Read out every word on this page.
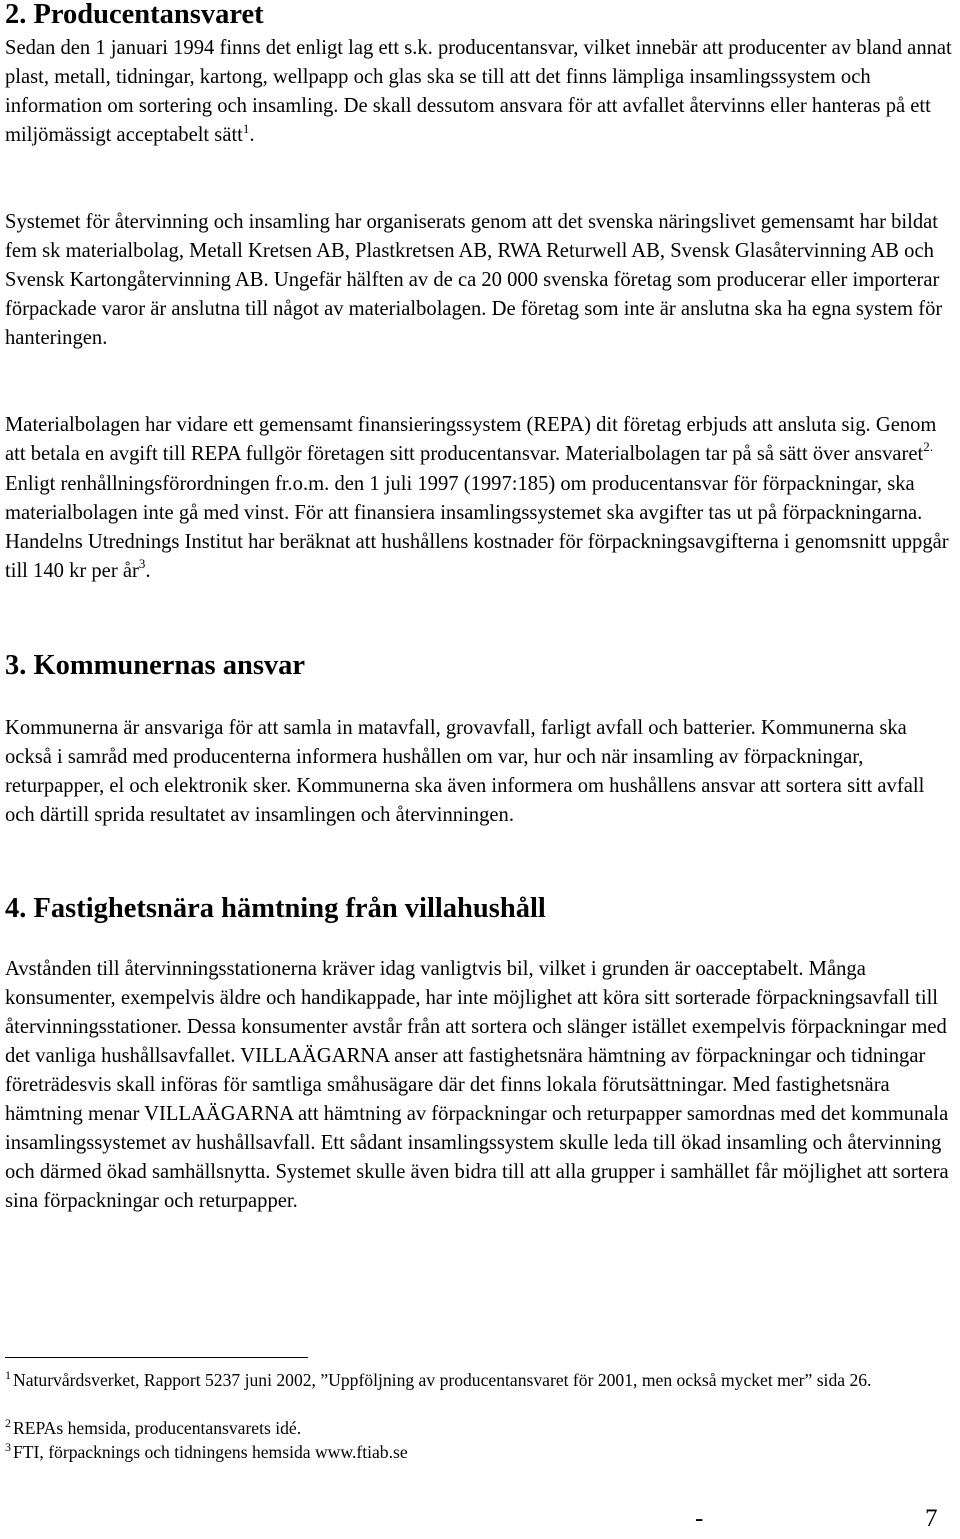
2. Producentansvaret

Sedan den 1 januari 1994 finns det enligt lag ett s.k. producentansvar, vilket innebär att producenter av bland annat plast, metall, tidningar, kartong, wellpapp och glas ska se till att det finns lämpliga insamlingssystem och information om sortering och insamling. De skall dessutom ansvara för att avfallet återvinns eller hanteras på ett miljömässigt acceptabelt sätt$^1$.

Systemet för återvinning och insamling har organiserats genom att det svenska näringslivet gemensamt har bildat fem sk materialbolag, Metall Kretsen AB, Plastkretsen AB, RWA Returwell AB, Svensk Glasåtervinning AB och Svensk Kartongåtervinning AB. Ungefär hälften av de ca 20 000 svenska företag som producerar eller importerar förpackade varor är anslutna till något av materialbolagen. De företag som inte är anslutna ska ha egna system för hanteringen.

Materialbolagen har vidare ett gemensamt finansieringssystem (REPA) dit företag erbjuds att ansluta sig. Genom att betala en avgift till REPA fullgör företagen sitt producentansvar. Materialbolagen tar på så sätt över ansvaret$^{2.}$ Enligt renhållningsförordningen fr.o.m. den 1 juli 1997 (1997:185) om producentansvar för förpackningar, ska materialbolagen inte gå med vinst. För att finansiera insamlingssystemet ska avgifter tas ut på förpackningarna. Handelns Utrednings Institut har beräknat att hushållens kostnader för förpackningsavgifterna i genomsnitt uppgår till 140 kr per $år^3$.

3. Kommunernas ansvar

Kommunerna är ansvariga för att samla in matavfall, grovavfall, farligt avfall och batterier. Kommunerna ska också i samråd med producenterna informera hushållen om var, hur och när insamling av förpackningar, returpapper, el och elektronik sker. Kommunerna ska även informera om hushållens ansvar att sortera sitt avfall och därtill sprida resultatet av insamlingen och återvinningen.

4. Fastighetsnära hämtning från villahushåll

Avstånden till återvinningsstationerna kräver idag vanligtvis bil, vilket i grunden är oacceptabelt. Många konsumenter, exempelvis äldre och handikappade, har inte möjlighet att köra sitt sorterade förpackningsavfall till återvinningsstationer. Dessa konsumenter avstår från att sortera och slänger istället exempelvis förpackningar med det vanliga hushållsavfallet. VILLAÄGARNA anser att fastighetsnära hämtning av förpackningar och tidningar företrädesvis skall införas för samtliga småhusägare där det finns lokala förutsättningar. Med fastighetsnära hämtning menar VILLAÄGARNA att hämtning av förpackningar och returpapper samordnas med det kommunala insamlingssystemet av hushållsavfall. Ett sådant insamlingssystem skulle leda till ökad insamling och återvinning och därmed ökad samhällsnytta. Systemet skulle även bidra till att alla grupper i samhället får möjlighet att sortera sina förpackningar och returpapper.

$^1$ Naturvårdsverket, Rapport 5237 juni 2002, ”Uppföljning av producentansvaret för 2001, men också mycket mer” sida 26.
$^2$ REPAs hemsida, producentansvarets idé.
$^3$ FTI, förpacknings och tidningens hemsida www.ftiab.se
-	7
